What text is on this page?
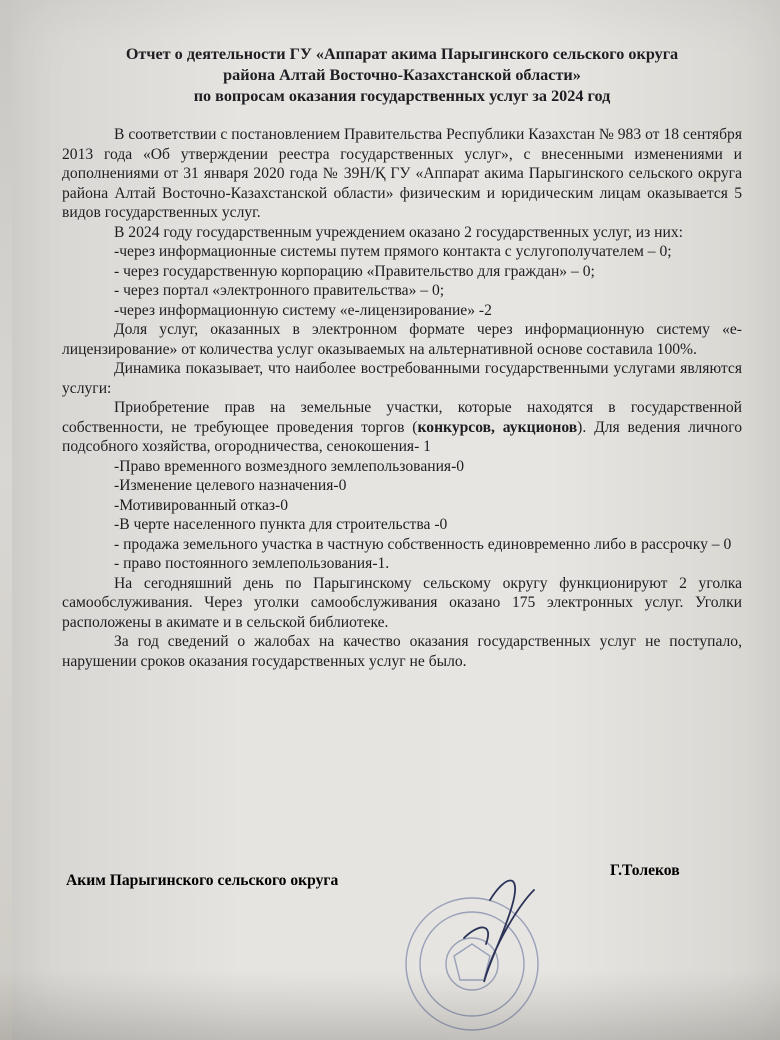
Отчет о деятельности ГУ «Аппарат акима Парыгинского сельского округа
района Алтай Восточно-Казахстанской области»
по вопросам оказания государственных услуг за 2024 год

В соответствии с постановлением Правительства Республики Казахстан № 983 от 18 сентября 2013 года «Об утверждении реестра государственных услуг», с внесенными изменениями и дополнениями от 31 января 2020 года № 39Н/Қ ГУ «Аппарат акима Парыгинского сельского округа района Алтай Восточно-Казахстанской области» физическим и юридическим лицам оказывается 5 видов государственных услуг.

В 2024 году государственным учреждением оказано 2 государственных услуг, из них:

-через информационные системы путем прямого контакта с услугополучателем – 0;

- через государственную корпорацию «Правительство для граждан» – 0;

- через портал «электронного правительства» – 0;

-через информационную систему «е-лицензирование» -2

Доля услуг, оказанных в электронном формате через информационную систему «е-лицензирование» от количества услуг оказываемых на альтернативной основе составила 100%.

Динамика показывает, что наиболее востребованными государственными услугами являются услуги:

Приобретение прав на земельные участки, которые находятся в государственной собственности, не требующее проведения торгов (конкурсов, аукционов). Для ведения личного подсобного хозяйства, огородничества, сенокошения- 1

-Право временного возмездного землепользования-0

-Изменение целевого назначения-0

-Мотивированный отказ-0

-В черте населенного пункта для строительства -0

- продажа земельного участка в частную собственность единовременно либо в рассрочку – 0

- право постоянного землепользования-1.

На сегодняшний день по Парыгинскому сельскому округу функционируют 2 уголка самообслуживания. Через уголки самообслуживания оказано 175 электронных услуг. Уголки расположены в акимате и в сельской библиотеке.

За год сведений о жалобах на качество оказания государственных услуг не поступало, нарушении сроков оказания государственных услуг не было.

Аким Парыгинского сельского округа
Г.Толеков
